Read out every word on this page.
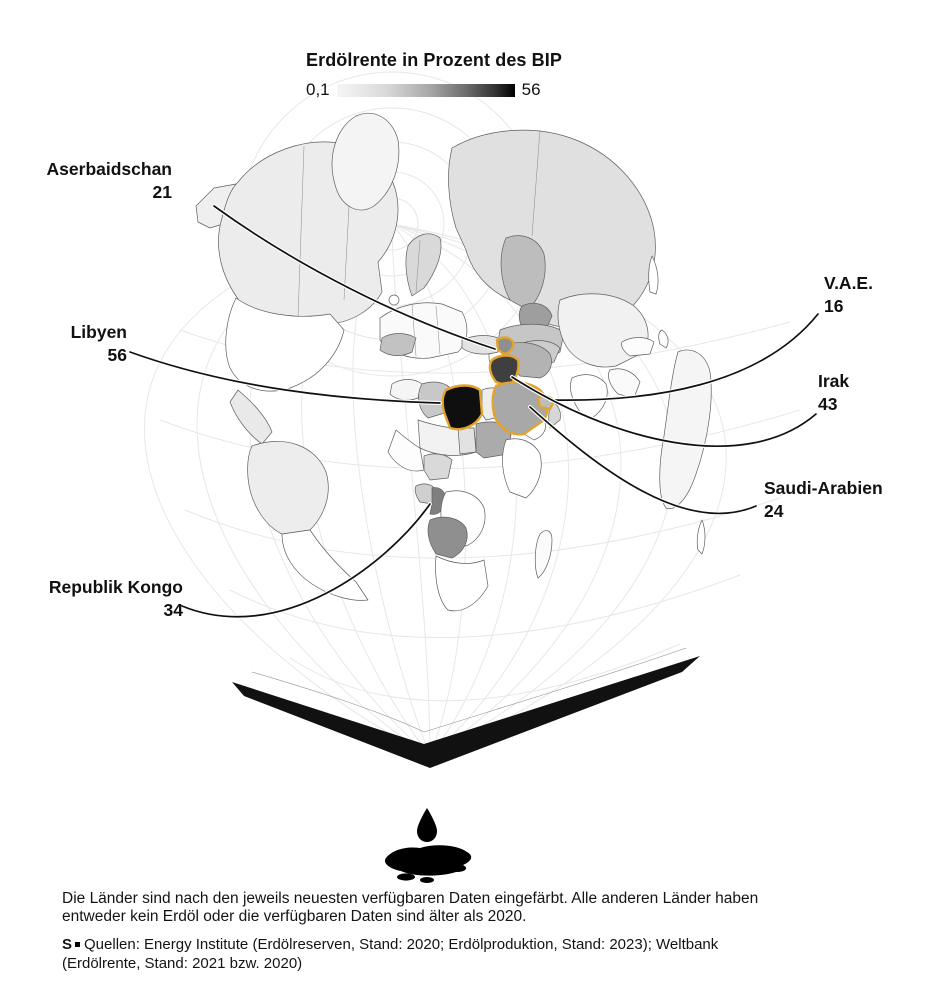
Erdölrente in Prozent des BIP
0,1	56
Aserbaidschan
21
Libyen
56
V.A.E.
16
Irak
43
Saudi-Arabien
24
Republik Kongo
34
Die Länder sind nach den jeweils neuesten verfügbaren Daten eingefärbt. Alle anderen Länder haben
entweder kein Erdöl oder die verfügbaren Daten sind älter als 2020.
S Quellen: Energy Institute (Erdölreserven, Stand: 2020; Erdölproduktion, Stand: 2023); Weltbank
(Erdölrente, Stand: 2021 bzw. 2020)
